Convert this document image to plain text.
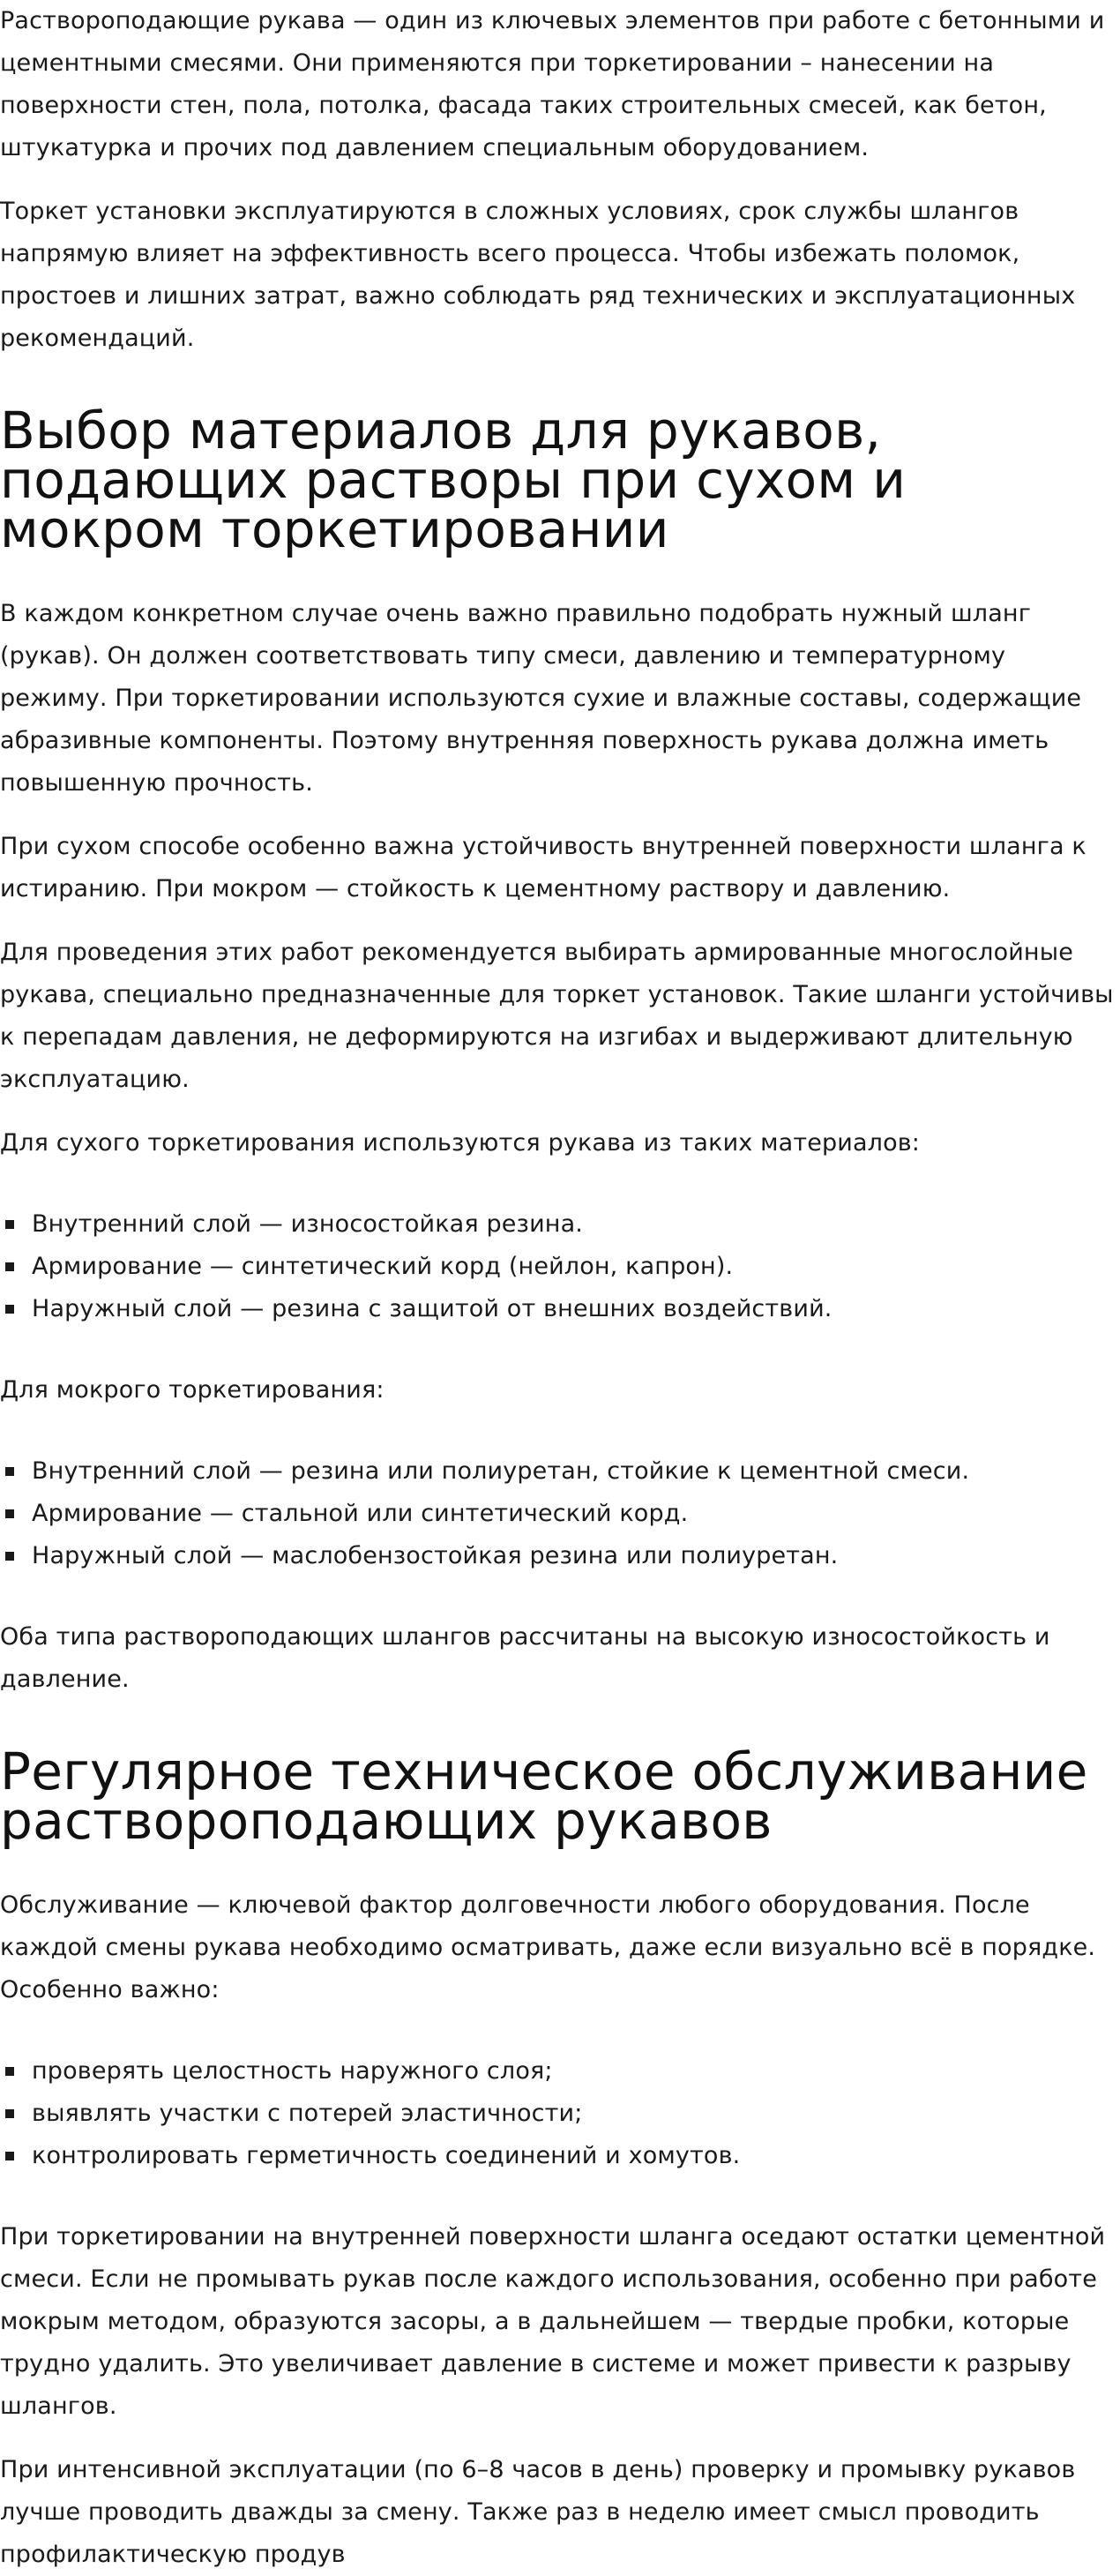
Растворοподающие рукава — один из ключевых элементов при работе с бетонными и цементными смесями. Они применяются при торкетировании – нанесении на поверхности стен, пола, потолка, фасада таких строительных смесей, как бетон, штукатурка и прочих под давлением специальным оборудованием.

Торкет установки эксплуатируются в сложных условиях, срок службы шлангов напрямую влияет на эффективность всего процесса. Чтобы избежать поломок, простоев и лишних затрат, важно соблюдать ряд технических и эксплуатационных рекомендаций.

Выбор материалов для рукавов, подающих растворы при сухом и мокром торкетировании

В каждом конкретном случае очень важно правильно подобрать нужный шланг (рукав). Он должен соответствовать типу смеси, давлению и температурному режиму. При торкетировании используются сухие и влажные составы, содержащие абразивные компоненты. Поэтому внутренняя поверхность рукава должна иметь повышенную прочность.

При сухом способе особенно важна устойчивость внутренней поверхности шланга к истиранию. При мокром — стойкость к цементному раствору и давлению.

Для проведения этих работ рекомендуется выбирать армированные многослойные рукава, специально предназначенные для торкет установок. Такие шланги устойчивы к перепадам давления, не деформируются на изгибах и выдерживают длительную эксплуатацию.

Для сухого торкетирования используются рукава из таких материалов:

Внутренний слой — износостойкая резина.
Армирование — синтетический корд (нейлон, капрон).
Наружный слой — резина с защитой от внешних воздействий.

Для мокрого торкетирования:

Внутренний слой — резина или полиуретан, стойкие к цементной смеси.
Армирование — стальной или синтетический корд.
Наружный слой — маслобензостойкая резина или полиуретан.

Оба типа растворοподающих шлангов рассчитаны на высокую износостойкость и давление.

Регулярное техническое обслуживание растворοподающих рукавов

Обслуживание — ключевой фактор долговечности любого оборудования. После каждой смены рукава необходимо осматривать, даже если визуально всё в порядке. Особенно важно:

проверять целостность наружного слоя;
выявлять участки с потерей эластичности;
контролировать герметичность соединений и хомутов.

При торкетировании на внутренней поверхности шланга оседают остатки цементной смеси. Если не промывать рукав после каждого использования, особенно при работе мокрым методом, образуются засоры, а в дальнейшем — твердые пробки, которые трудно удалить. Это увеличивает давление в системе и может привести к разрыву шлангов.

При интенсивной эксплуатации (по 6–8 часов в день) проверку и промывку рукавов лучше проводить дважды за смену. Также раз в неделю имеет смысл проводить профилактическую продув
